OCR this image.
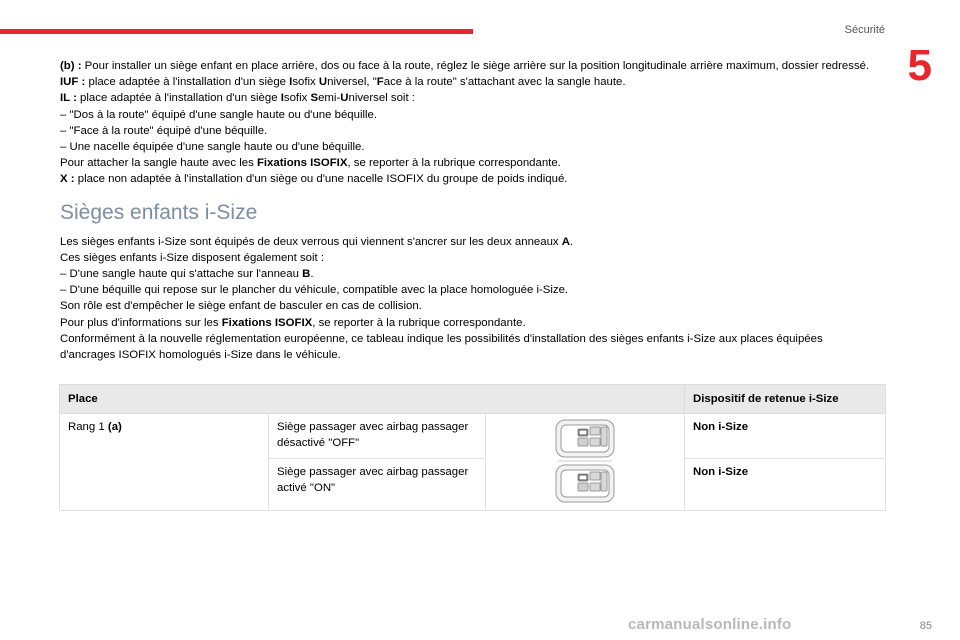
Sécurité
5

(b) : Pour installer un siège enfant en place arrière, dos ou face à la route, réglez le siège arrière sur la position longitudinale arrière maximum, dossier redressé.

IUF : place adaptée à l'installation d'un siège Isofix Universel, "Face à la route" s'attachant avec la sangle haute.

IL : place adaptée à l'installation d'un siège Isofix Semi-Universel soit :

– "Dos à la route" équipé d'une sangle haute ou d'une béquille.

– "Face à la route" équipé d'une béquille.

– Une nacelle équipée d'une sangle haute ou d'une béquille.

Pour attacher la sangle haute avec les Fixations ISOFIX, se reporter à la rubrique correspondante.

X : place non adaptée à l'installation d'un siège ou d'une nacelle ISOFIX du groupe de poids indiqué.

Sièges enfants i-Size

Les sièges enfants i-Size sont équipés de deux verrous qui viennent s'ancrer sur les deux anneaux A.

Ces sièges enfants i-Size disposent également soit :

– D'une sangle haute qui s'attache sur l'anneau B.

– D'une béquille qui repose sur le plancher du véhicule, compatible avec la place homologuée i-Size.

Son rôle est d'empêcher le siège enfant de basculer en cas de collision.

Pour plus d'informations sur les Fixations ISOFIX, se reporter à la rubrique correspondante.

Conformément à la nouvelle réglementation européenne, ce tableau indique les possibilités d'installation des sièges enfants i-Size aux places équipées d'ancrages ISOFIX homologués i-Size dans le véhicule.

Place			Dispositif de retenue i-Size
Rang 1 (a)	Siège passager avec airbag passager désactivé "OFF"		Non i-Size
	Siège passager avec airbag passager activé "ON"		Non i-Size
carmanualsonline.info	85
